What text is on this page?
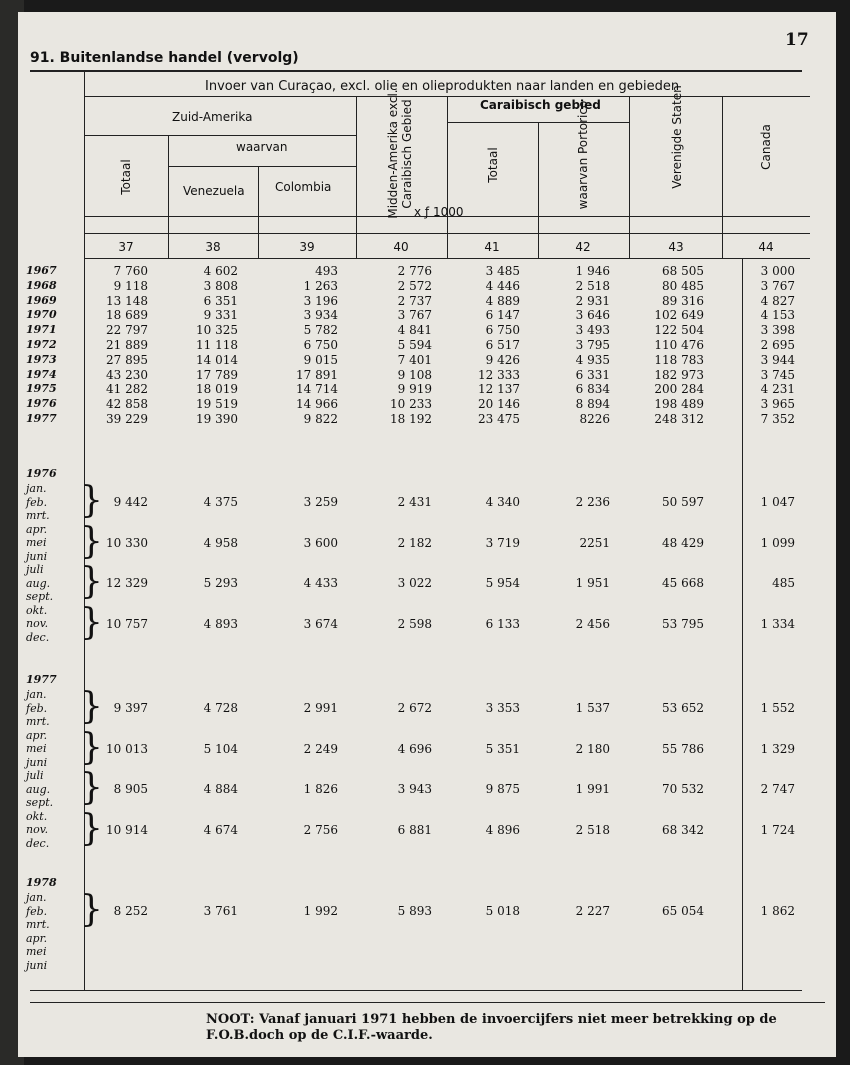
17
91. Buitenlandse handel (vervolg)
Invoer van Curaçao, excl. olie en olieprodukten naar landen en gebieden
Zuid-Amerika
waarvan
Totaal	Venezuela	Colombia	Midden-Amerika excl. Caraibisch Gebied	Caraibisch gebied
Totaal	waarvan Portorico	Verenigde Staten	Canada
x ƒ 1000
37	38	39	40	41	42	43	44
1967	7 760	4 602	493	2 776	3 485	1 946	68 505	3 000
1968	9 118	3 808	1 263	2 572	4 446	2 518	80 485	3 767
1969	13 148	6 351	3 196	2 737	4 889	2 931	89 316	4 827
1970	18 689	9 331	3 934	3 767	6 147	3 646	102 649	4 153
1971	22 797	10 325	5 782	4 841	6 750	3 493	122 504	3 398
1972	21 889	11 118	6 750	5 594	6 517	3 795	110 476	2 695
1973	27 895	14 014	9 015	7 401	9 426	4 935	118 783	3 944
1974	43 230	17 789	17 891	9 108	12 333	6 331	182 973	3 745
1975	41 282	18 019	14 714	9 919	12 137	6 834	200 284	4 231
1976	42 858	19 519	14 966	10 233	20 146	8 894	198 489	3 965
1977	39 229	19 390	9 822	18 192	23 475	8226	248 312	7 352
1976
jan.
feb.
mrt.
apr.
mei
juni
juli
aug.
sept.
okt.
nov.
dec.
} 9 442	4 375	3 259	2 431	4 340	2 236	50 597	1 047
} 10 330	4 958	3 600	2 182	3 719	2251	48 429	1 099
} 12 329	5 293	4 433	3 022	5 954	1 951	45 668	485
} 10 757	4 893	3 674	2 598	6 133	2 456	53 795	1 334
1977
jan.
feb.
mrt.
apr.
mei
juni
juli
aug.
sept.
okt.
nov.
dec.
} 9 397	4 728	2 991	2 672	3 353	1 537	53 652	1 552
} 10 013	5 104	2 249	4 696	5 351	2 180	55 786	1 329
} 8 905	4 884	1 826	3 943	9 875	1 991	70 532	2 747
} 10 914	4 674	2 756	6 881	4 896	2 518	68 342	1 724
1978
jan.
feb.
mrt.
apr.
mei
juni
} 8 252	3 761	1 992	5 893	5 018	2 227	65 054	1 862
NOOT: Vanaf januari 1971 hebben de invoercijfers niet meer betrekking op de F.O.B.doch op de C.I.F.-waarde.
